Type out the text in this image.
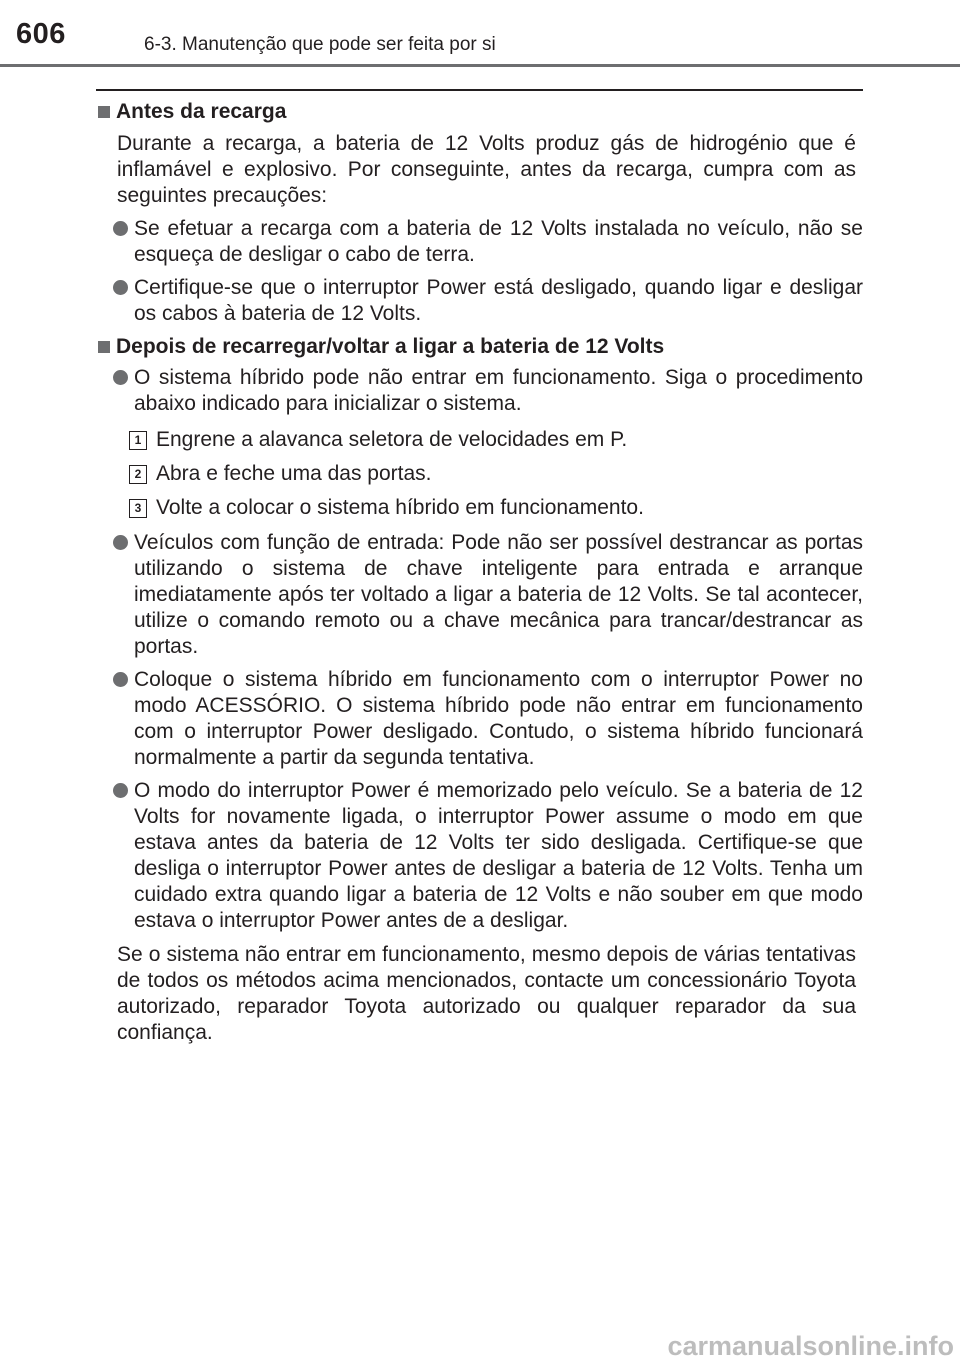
606	6-3. Manutenção que pode ser feita por si
Antes da recarga
Durante a recarga, a bateria de 12 Volts produz gás de hidrogénio que é inflamável e explosivo. Por conseguinte, antes da recarga, cumpra com as seguintes precauções:
Se efetuar a recarga com a bateria de 12 Volts instalada no veículo, não se esqueça de desligar o cabo de terra.
Certifique-se que o interruptor Power está desligado, quando ligar e desligar os cabos à bateria de 12 Volts.
Depois de recarregar/voltar a ligar a bateria de 12 Volts
O sistema híbrido pode não entrar em funcionamento. Siga o procedimento abaixo indicado para inicializar o sistema.
1 Engrene a alavanca seletora de velocidades em P.
2 Abra e feche uma das portas.
3 Volte a colocar o sistema híbrido em funcionamento.
Veículos com função de entrada: Pode não ser possível destrancar as portas utilizando o sistema de chave inteligente para entrada e arranque imediatamente após ter voltado a ligar a bateria de 12 Volts. Se tal acontecer, utilize o comando remoto ou a chave mecânica para trancar/destrancar as portas.
Coloque o sistema híbrido em funcionamento com o interruptor Power no modo ACESSÓRIO. O sistema híbrido pode não entrar em funcionamento com o interruptor Power desligado. Contudo, o sistema híbrido funcionará normalmente a partir da segunda tentativa.
O modo do interruptor Power é memorizado pelo veículo. Se a bateria de 12 Volts for novamente ligada, o interruptor Power assume o modo em que estava antes da bateria de 12 Volts ter sido desligada. Certifique-se que desliga o interruptor Power antes de desligar a bateria de 12 Volts. Tenha um cuidado extra quando ligar a bateria de 12 Volts e não souber em que modo estava o interruptor Power antes de a desligar.
Se o sistema não entrar em funcionamento, mesmo depois de várias tentativas de todos os métodos acima mencionados, contacte um concessionário Toyota autorizado, reparador Toyota autorizado ou qualquer reparador da sua confiança.
carmanualsonline.info
